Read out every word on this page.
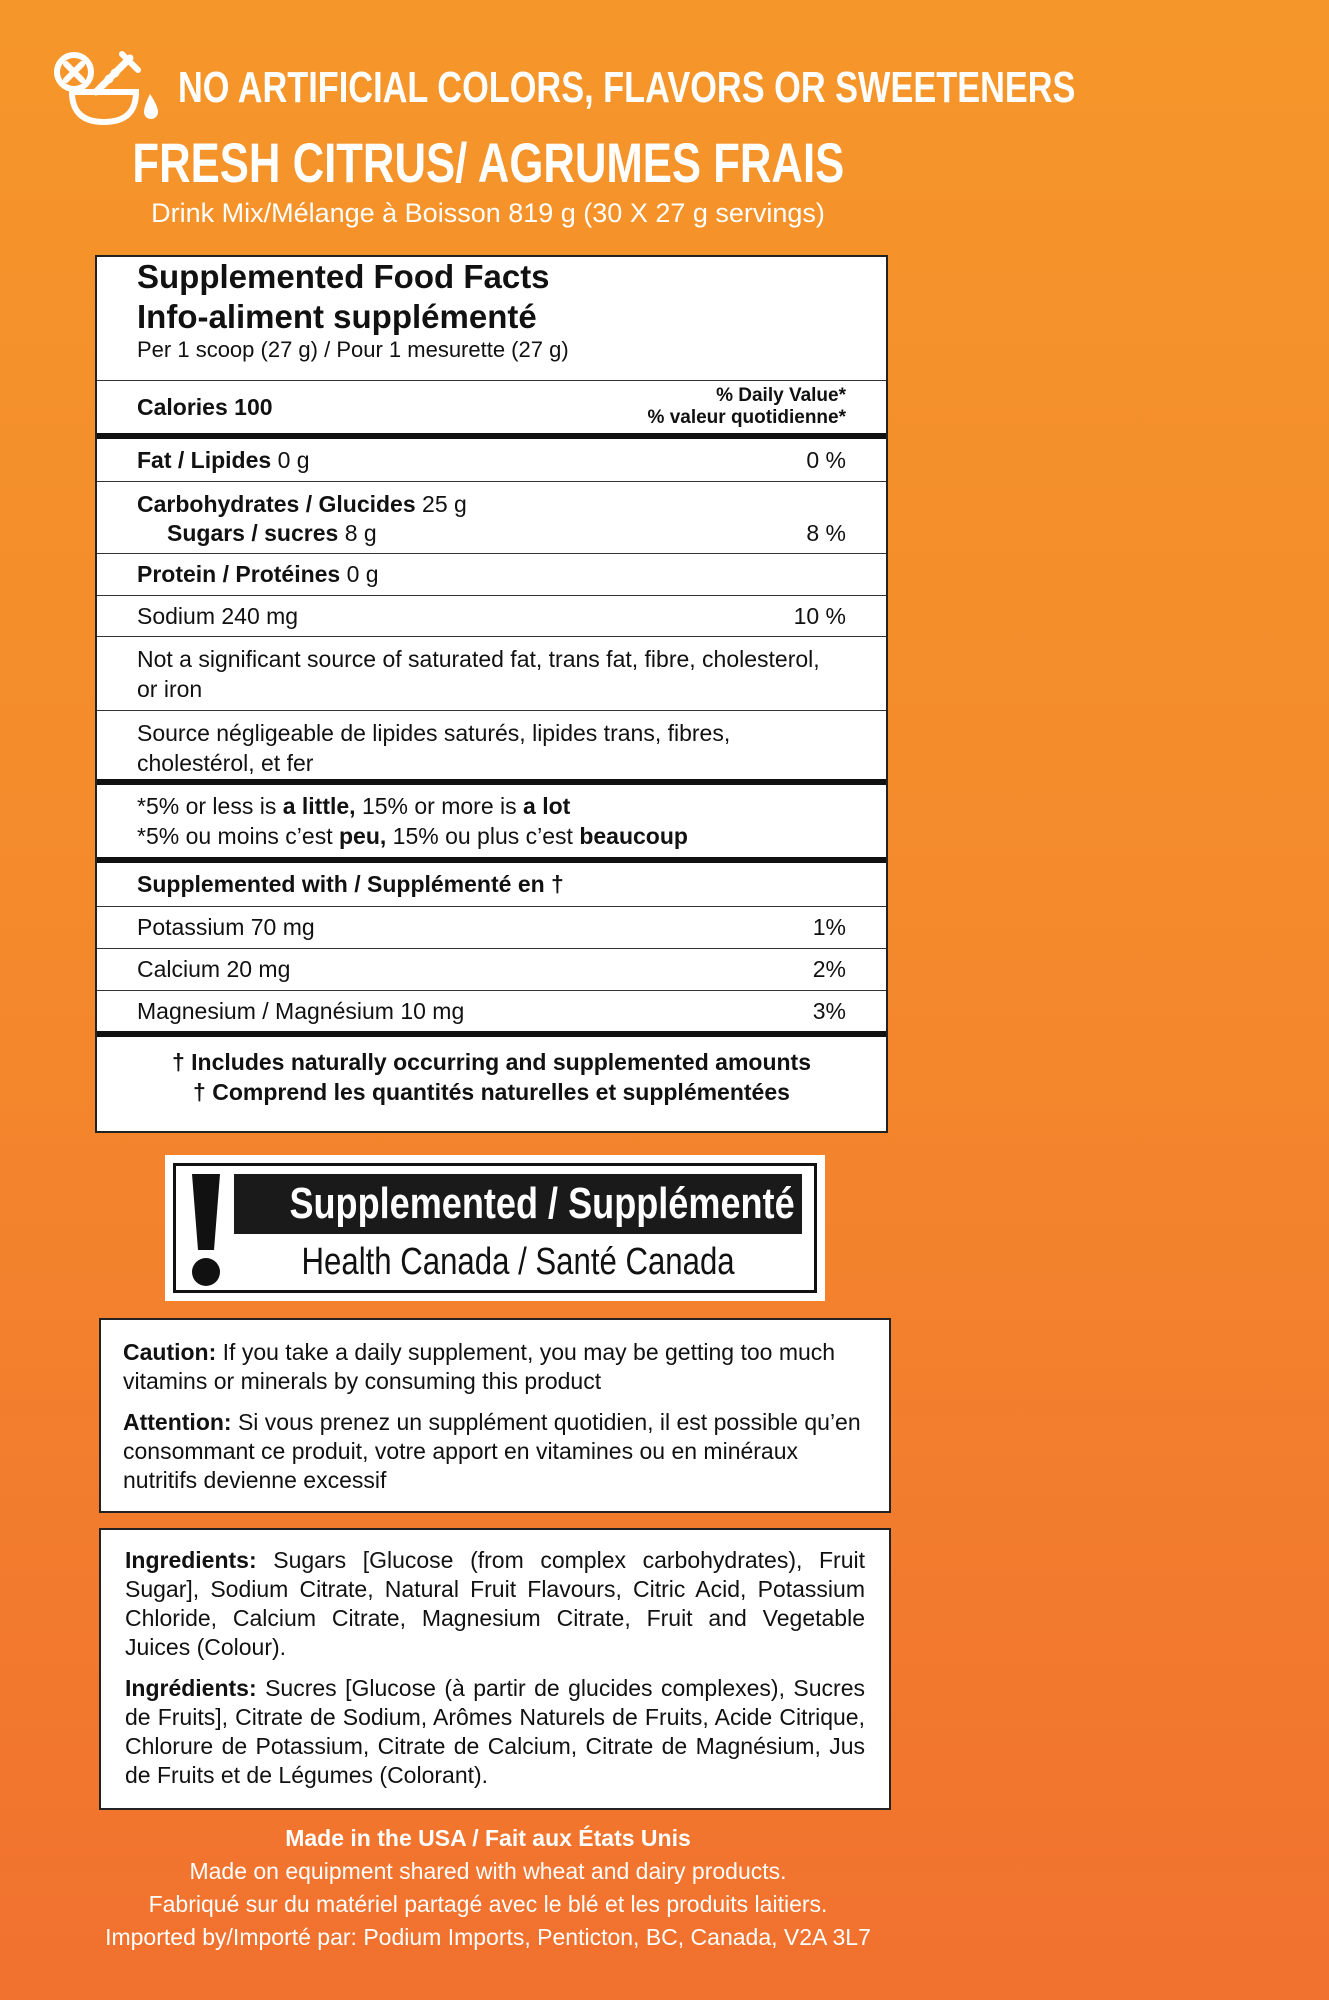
NO ARTIFICIAL COLORS, FLAVORS OR SWEETENERS
FRESH CITRUS/ AGRUMES FRAIS
Drink Mix/Mélange à Boisson 819 g (30 X 27 g servings)
Supplemented Food Facts
Info-aliment supplémenté
Per 1 scoop (27 g) / Pour 1 mesurette (27 g)
Calories 100	% Daily Value*
% valeur quotidienne*
Fat / Lipides 0 g	0 %
Carbohydrates / Glucides 25 g
Sugars / sucres 8 g	8 %
Protein / Protéines 0 g
Sodium 240 mg	10 %
Not a significant source of saturated fat, trans fat, fibre, cholesterol, or iron
Source négligeable de lipides saturés, lipides trans, fibres, cholestérol, et fer
*5% or less is a little, 15% or more is a lot
*5% ou moins c’est peu, 15% ou plus c’est beaucoup
Supplemented with / Supplémenté en †
Potassium 70 mg	1%
Calcium 20 mg	2%
Magnesium / Magnésium 10 mg	3%
† Includes naturally occurring and supplemented amounts
† Comprend les quantités naturelles et supplémentées
Supplemented / Supplémenté
Health Canada / Santé Canada

Caution: If you take a daily supplement, you may be getting too much vitamins or minerals by consuming this product

Attention: Si vous prenez un supplément quotidien, il est possible qu’en consommant ce produit, votre apport en vitamines ou en minéraux nutritifs devienne excessif

Ingredients: Sugars [Glucose (from complex carbohydrates), Fruit Sugar], Sodium Citrate, Natural Fruit Flavours, Citric Acid, Potassium Chloride, Calcium Citrate, Magnesium Citrate, Fruit and Vegetable Juices (Colour).

Ingrédients: Sucres [Glucose (à partir de glucides complexes), Sucres de Fruits], Citrate de Sodium, Arômes Naturels de Fruits, Acide Citrique, Chlorure de Potassium, Citrate de Calcium, Citrate de Magnésium, Jus de Fruits et de Légumes (Colorant).

Made in the USA / Fait aux États Unis
Made on equipment shared with wheat and dairy products.
Fabriqué sur du matériel partagé avec le blé et les produits laitiers.
Imported by/Importé par: Podium Imports, Penticton, BC, Canada, V2A 3L7
